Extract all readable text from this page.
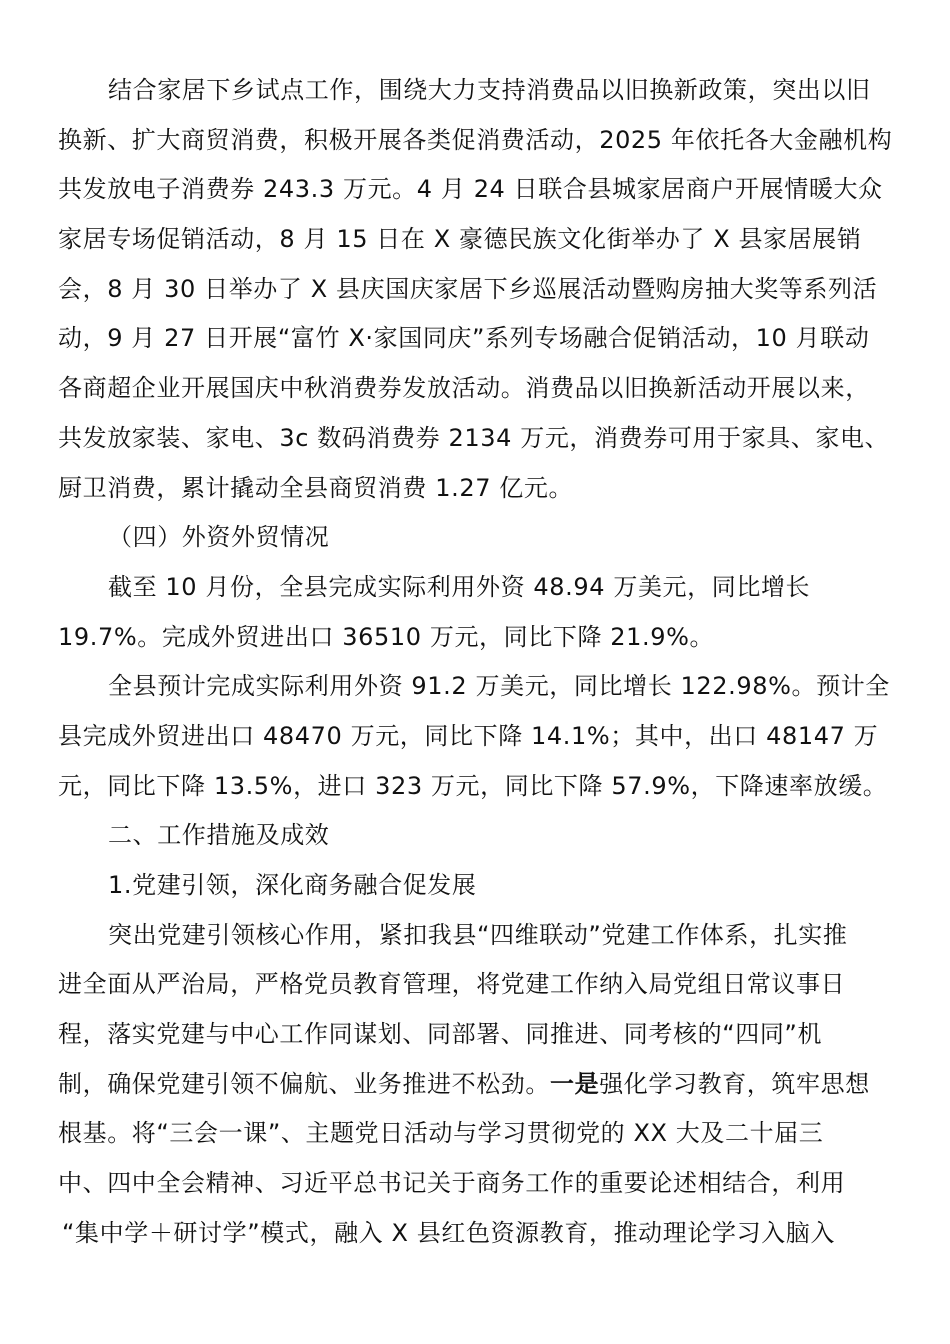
结合家居下乡试点工作，围绕大力支持消费品以旧换新政策，突出以旧
换新、扩大商贸消费，积极开展各类促消费活动，2025 年依托各大金融机构
共发放电子消费券 243.3 万元。4 月 24 日联合县城家居商户开展情暖大众
家居专场促销活动，8 月 15 日在 X 豪德民族文化街举办了 X 县家居展销
会，8 月 30 日举办了 X 县庆国庆家居下乡巡展活动暨购房抽大奖等系列活
动，9 月 27 日开展“富竹 X·家国同庆”系列专场融合促销活动，10 月联动
各商超企业开展国庆中秋消费券发放活动。消费品以旧换新活动开展以来，
共发放家装、家电、3c 数码消费券 2134 万元，消费券可用于家具、家电、
厨卫消费，累计撬动全县商贸消费 1.27 亿元。
（四）外资外贸情况
截至 10 月份，全县完成实际利用外资 48.94 万美元，同比增长
19.7%。完成外贸进出口 36510 万元，同比下降 21.9%。
全县预计完成实际利用外资 91.2 万美元，同比增长 122.98%。预计全
县完成外贸进出口 48470 万元，同比下降 14.1%；其中，出口 48147 万
元，同比下降 13.5%，进口 323 万元，同比下降 57.9%，下降速率放缓。
二、工作措施及成效
1.党建引领，深化商务融合促发展
突出党建引领核心作用，紧扣我县“四维联动”党建工作体系，扎实推
进全面从严治局，严格党员教育管理，将党建工作纳入局党组日常议事日
程，落实党建与中心工作同谋划、同部署、同推进、同考核的“四同”机
制，确保党建引领不偏航、业务推进不松劲。一是强化学习教育，筑牢思想
根基。将“三会一课”、主题党日活动与学习贯彻党的 XX 大及二十届三
中、四中全会精神、习近平总书记关于商务工作的重要论述相结合，利用
“集中学＋研讨学”模式，融入 X 县红色资源教育，推动理论学习入脑入
